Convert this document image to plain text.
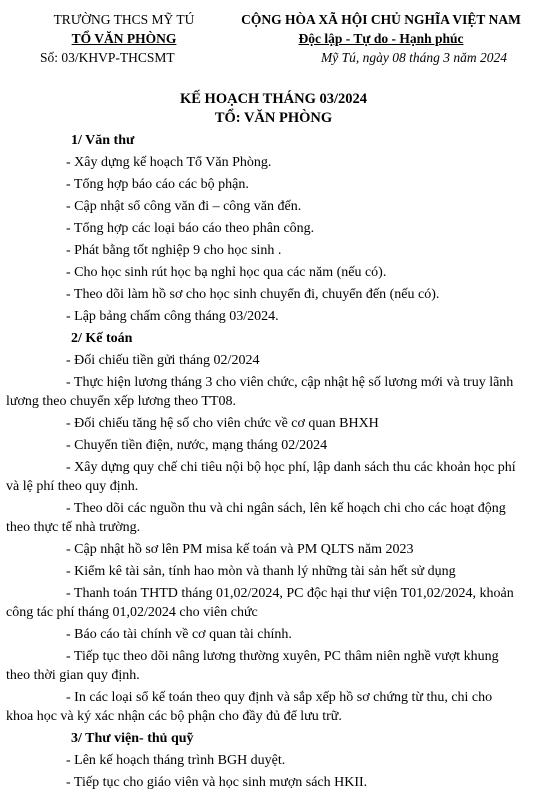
TRƯỜNG THCS MỸ TÚ
TỔ VĂN PHÒNG
CỘNG HÒA XÃ HỘI CHỦ NGHĨA VIỆT NAM
Độc lập - Tự do - Hạnh phúc
Số: 03/KHVP-THCSMT	Mỹ Tú, ngày 08 tháng 3 năm 2024
KẾ HOẠCH THÁNG 03/2024
TỔ: VĂN PHÒNG

1/ Văn thư

- Xây dựng kế hoạch Tổ Văn Phòng.

- Tổng hợp báo cáo các bộ phận.

- Cập nhật sổ công văn đi – công văn đến.

- Tổng hợp các loại báo cáo theo phân công.

- Phát bằng tốt nghiệp 9 cho học sinh .

- Cho học sinh rút học bạ nghỉ học qua các năm (nếu có).

- Theo dõi làm hồ sơ cho học sinh chuyển đi, chuyển đến (nếu có).

- Lập bảng chấm công tháng 03/2024.

2/ Kế toán

- Đối chiếu tiền gửi tháng 02/2024

- Thực hiện lương tháng 3 cho viên chức, cập nhật hệ số lương mới và truy lãnh lương theo chuyển xếp lương theo TT08.

- Đối chiếu tăng hệ số cho viên chức về cơ quan BHXH

- Chuyển tiền điện, nước, mạng tháng 02/2024

- Xây dựng quy chế chi tiêu nội bộ học phí, lập danh sách thu các khoản học phí và lệ phí theo quy định.

- Theo dõi các nguồn thu và chi ngân sách, lên kế hoạch chi cho các hoạt động theo thực tế nhà trường.

- Cập nhật hồ sơ lên PM misa kế toán và PM QLTS năm 2023

- Kiểm kê tài sản, tính hao mòn và thanh lý những tài sản hết sử dụng

- Thanh toán THTD tháng 01,02/2024, PC độc hại thư viện T01,02/2024, khoản công tác phí tháng 01,02/2024 cho viên chức

- Báo cáo tài chính về cơ quan tài chính.

- Tiếp tục theo dõi nâng lương thường xuyên, PC thâm niên nghề vượt khung theo thời gian quy định.

- In các loại sổ kế toán theo quy định và sắp xếp hồ sơ chứng từ thu, chi cho khoa học và ký xác nhận các bộ phận cho đầy đủ để lưu trữ.

3/ Thư viện- thủ quỹ

- Lên kế hoạch tháng trình BGH duyệt.

- Tiếp tục cho giáo viên và học sinh mượn sách HKII.
